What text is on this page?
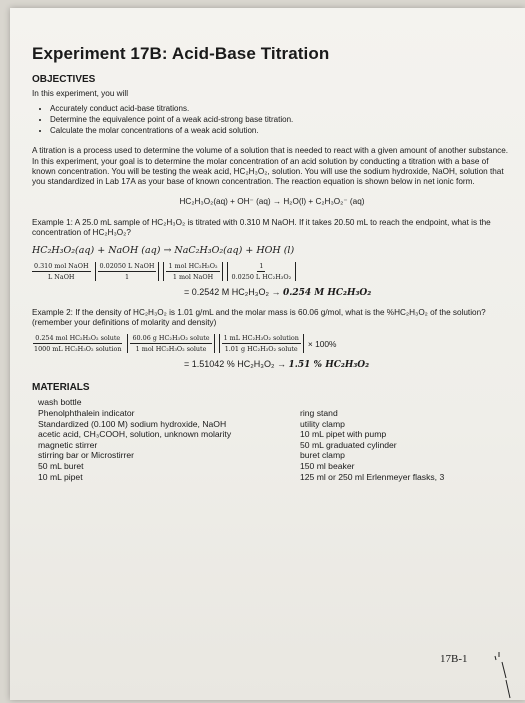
Experiment 17B: Acid-Base Titration
OBJECTIVES
In this experiment, you will
• Accurately conduct acid-base titrations.
• Determine the equivalence point of a weak acid-strong base titration.
• Calculate the molar concentrations of a weak acid solution.
A titration is a process used to determine the volume of a solution that is needed to react with a given amount of another substance. In this experiment, your goal is to determine the molar concentration of an acid solution by conducting a titration with a base of known concentration. You will be testing the weak acid, HC₂H₃O₂, solution. You will use the sodium hydroxide, NaOH, solution that you standardized in Lab 17A as your base of known concentration. The reaction equation is shown below in net ionic form.
HC₂H₃O₂(aq) + OH⁻ (aq) → H₂O(l) + C₂H₃O₂⁻ (aq)
Example 1: A 25.0 mL sample of HC₂H₃O₂ is titrated with 0.310 M NaOH. If it takes 20.50 mL to reach the endpoint, what is the concentration of HC₂H₃O₂?
HC₂H₃O₂(aq) + NaOH (aq) → NaC₂H₃O₂(aq) + HOH (l)
$\frac{\text{0.310 mol NaOH}}{\text{L NaOH}} \frac{\text{0.02050 L NaOH}}{1} \frac{\text{1 mol HC₂H₃O₂}}{\text{1 mol NaOH}} \frac{1}{\text{0.0250 L HC₂H₃O₂}}$
= 0.2542 M HC₂H₃O₂ → 0.254 M HC₂H₃O₂
Example 2: If the density of HC₂H₃O₂ is 1.01 g/mL and the molar mass is 60.06 g/mol, what is the %HC₂H₃O₂ of the solution? (remember your definitions of molarity and density)
$\frac{\text{0.254 mol HC₂H₃O₂ solute}}{\text{1000 mL HC₂H₃O₂ solution}} \frac{\text{60.06 g HC₂H₃O₂ solute}}{\text{1 mol HC₂H₃O₂ solute}} \frac{\text{1 mL HC₂H₃O₂ solution}}{\text{1.01 g HC₂H₃O₂ solute}} \times 100\%$
= 1.51042 % HC₂H₃O₂ → 1.51 % HC₂H₃O₂
MATERIALS
wash bottle
Phenolphthalein indicator
Standardized (0.100 M) sodium hydroxide, NaOH
acetic acid, CH₃COOH, solution, unknown molarity
magnetic stirrer
stirring bar or Microstirrer
50 mL buret
10 mL pipet
ring stand
utility clamp
10 mL pipet with pump
50 mL graduated cylinder
buret clamp
150 ml beaker
125 ml or 250 ml Erlenmeyer flasks, 3
17B-1
